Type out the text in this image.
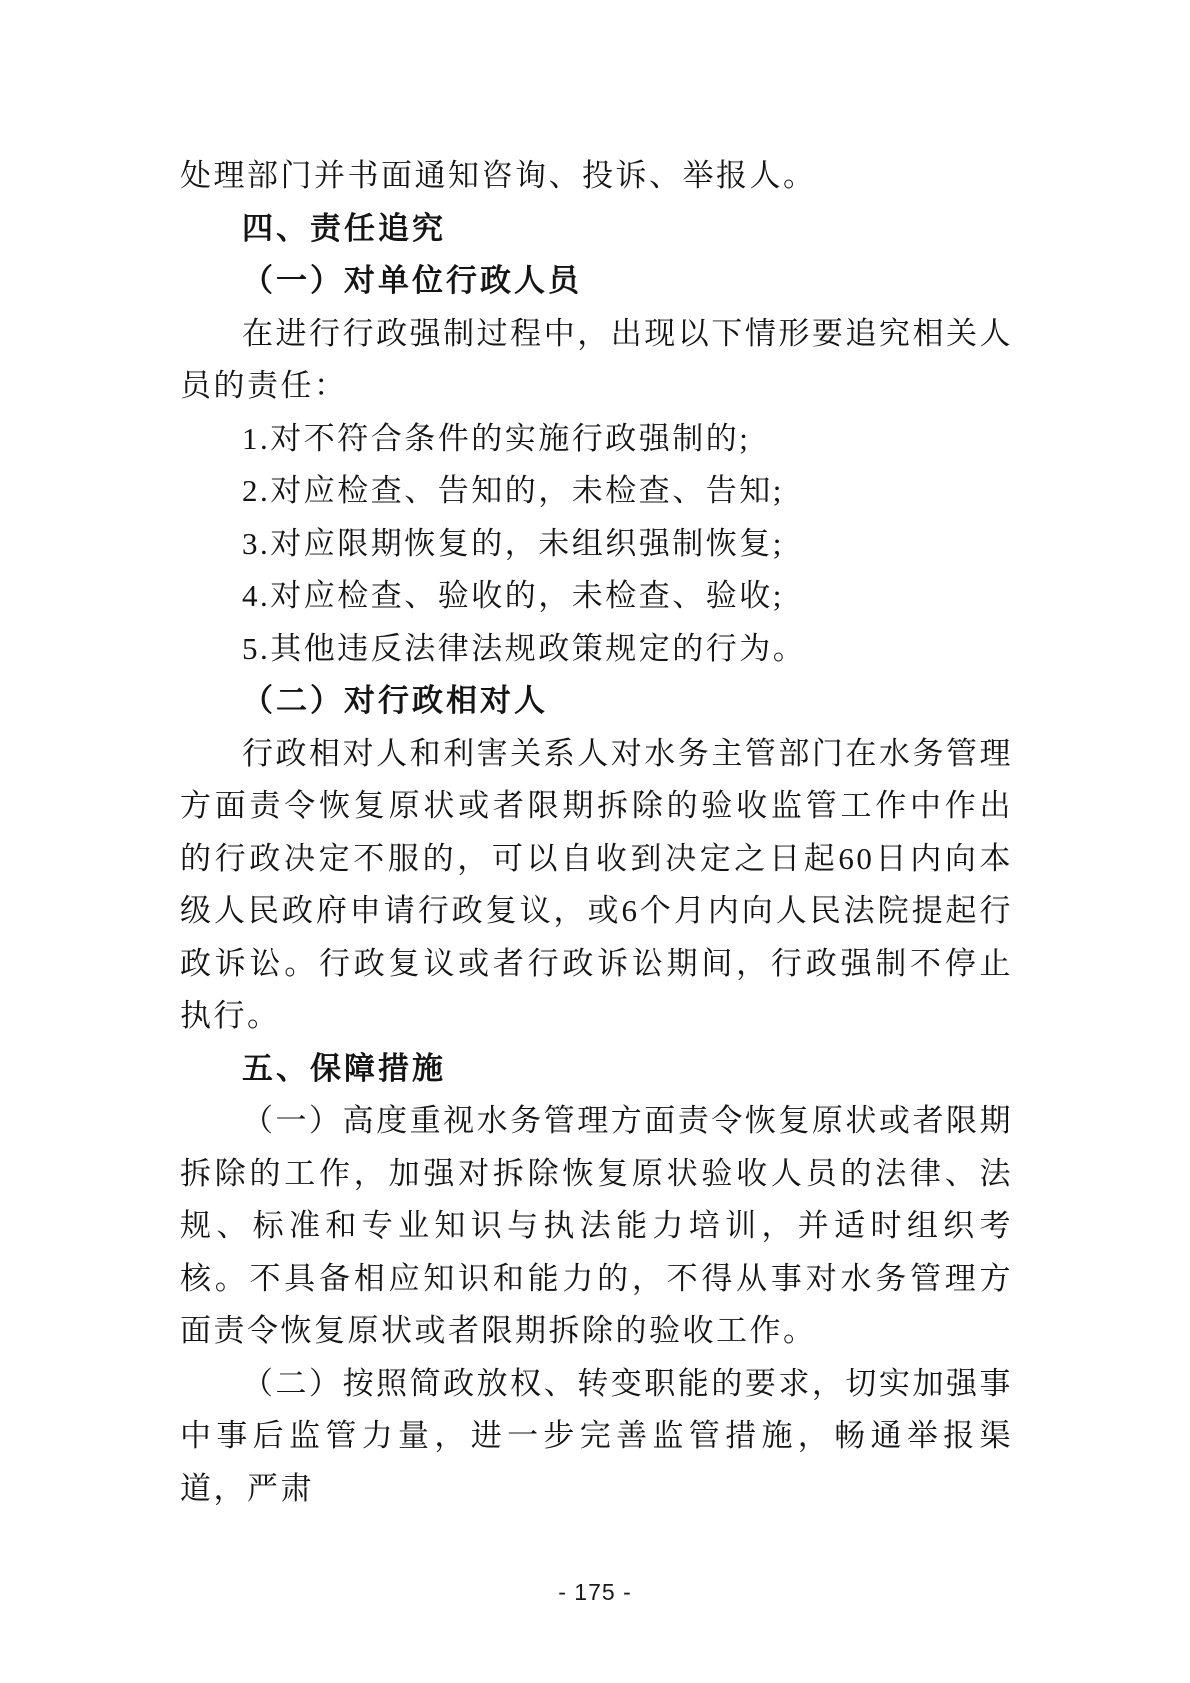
处理部门并书面通知咨询、投诉、举报人。

四、责任追究

（一）对单位行政人员

在进行行政强制过程中，出现以下情形要追究相关人员的责任：

1.对不符合条件的实施行政强制的;

2.对应检查、告知的，未检查、告知;

3.对应限期恢复的，未组织强制恢复;

4.对应检查、验收的，未检查、验收;

5.其他违反法律法规政策规定的行为。

（二）对行政相对人

行政相对人和利害关系人对水务主管部门在水务管理方面责令恢复原状或者限期拆除的验收监管工作中作出的行政决定不服的，可以自收到决定之日起60日内向本级人民政府申请行政复议，或6个月内向人民法院提起行政诉讼。行政复议或者行政诉讼期间，行政强制不停止执行。

五、保障措施

（一）高度重视水务管理方面责令恢复原状或者限期拆除的工作，加强对拆除恢复原状验收人员的法律、法规、标准和专业知识与执法能力培训，并适时组织考核。不具备相应知识和能力的，不得从事对水务管理方面责令恢复原状或者限期拆除的验收工作。

（二）按照简政放权、转变职能的要求，切实加强事中事后监管力量，进一步完善监管措施，畅通举报渠道，严肃

- 175 -
